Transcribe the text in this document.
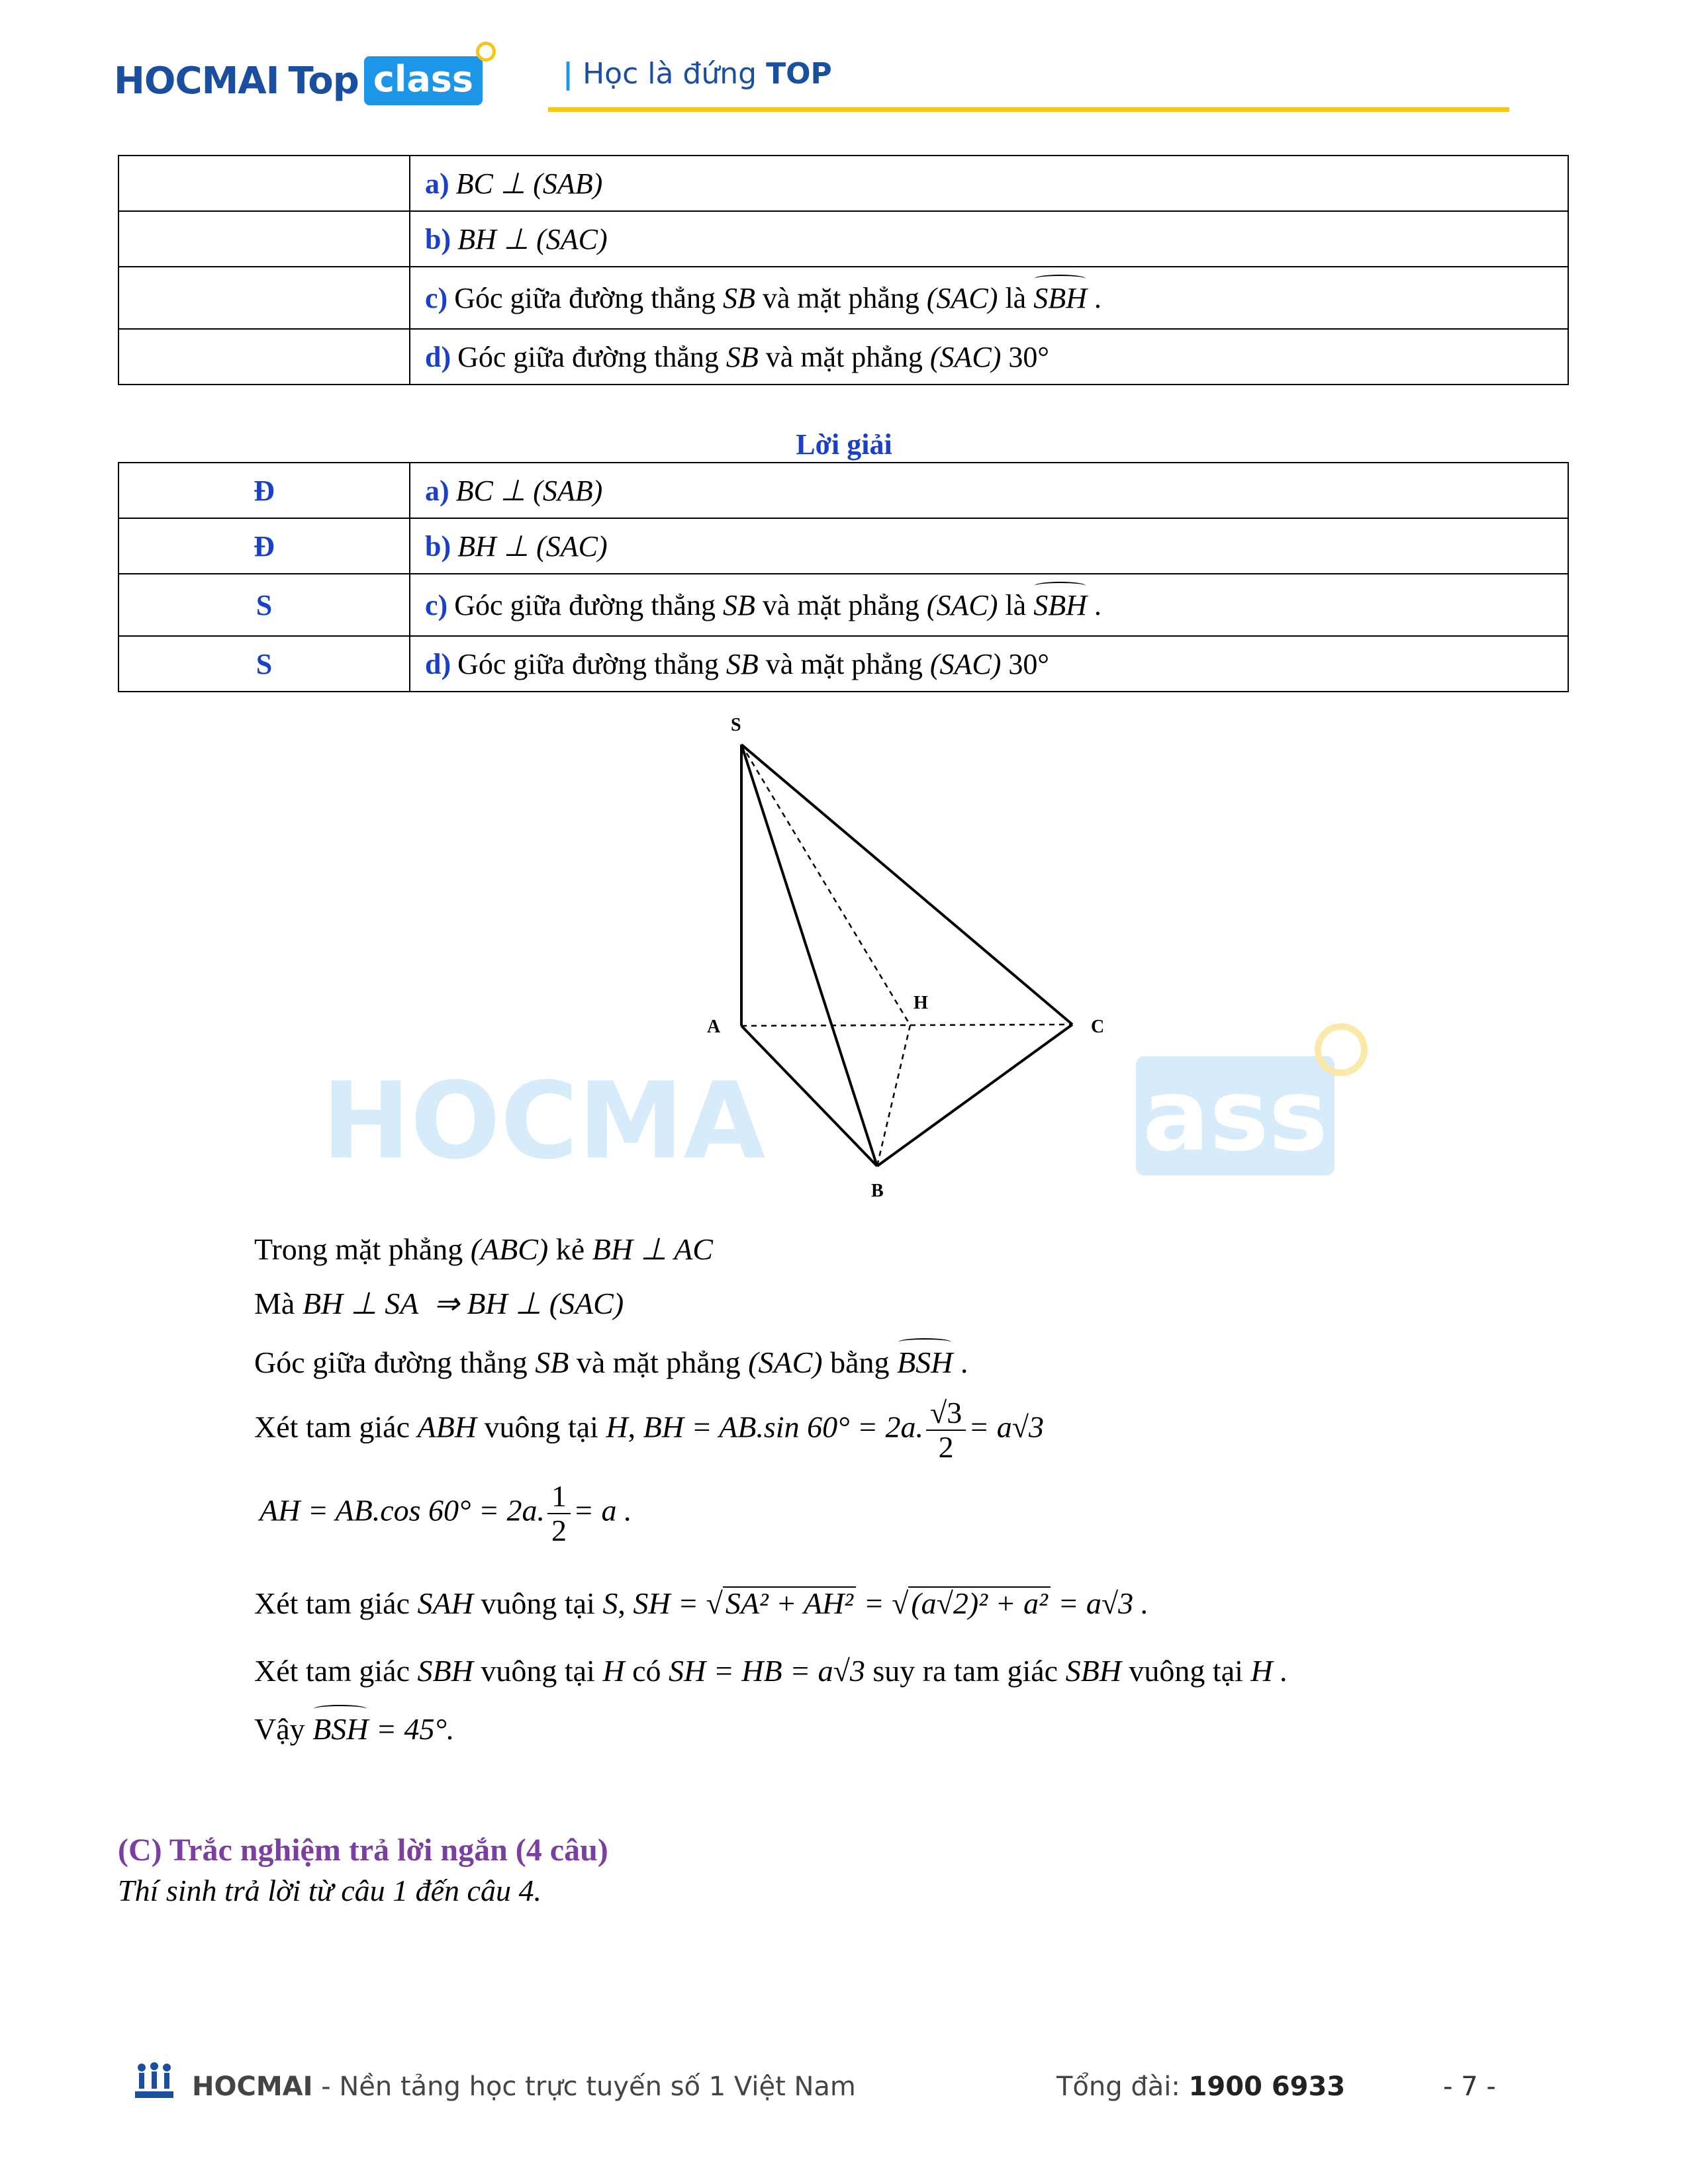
HOCMAI Top class	| Học là đứng TOP
	a) BC ⊥ (SAB)
	b) BH ⊥ (SAC)
	c) Góc giữa đường thẳng SB và mặt phẳng (SAC) là SBH .
	d) Góc giữa đường thẳng SB và mặt phẳng (SAC) 30°
Lời giải
Đ	a) BC ⊥ (SAB)
Đ	b) BH ⊥ (SAC)
S	c) Góc giữa đường thẳng SB và mặt phẳng (SAC) là SBH .
S	d) Góc giữa đường thẳng SB và mặt phẳng (SAC) 30°
HOCMA	ass
S
H
A	C
B
Trong mặt phẳng (ABC) kẻ BH ⊥ AC
Mà BH ⊥ SA ⇒ BH ⊥ (SAC)
Góc giữa đường thẳng SB và mặt phẳng (SAC) bằng BSH .
Xét tam giác ABH vuông tại H, BH = AB.sin 60° = 2a. $\frac{√3}{2} = a√3$
AH = AB.cos 60° = 2a. $\frac{1}{2} = a$ .
Xét tam giác SAH vuông tại S, SH = √SA² + AH² = √(a√2)² + a² = a√3 .
Xét tam giác SBH vuông tại H có SH = HB = a√3 suy ra tam giác SBH vuông tại H .
Vậy BSH = 45°.
(C) Trắc nghiệm trả lời ngắn (4 câu)
Thí sinh trả lời từ câu 1 đến câu 4.
HOCMAI - Nền tảng học trực tuyến số 1 Việt Nam	Tổng đài: 1900 6933	- 7 -
